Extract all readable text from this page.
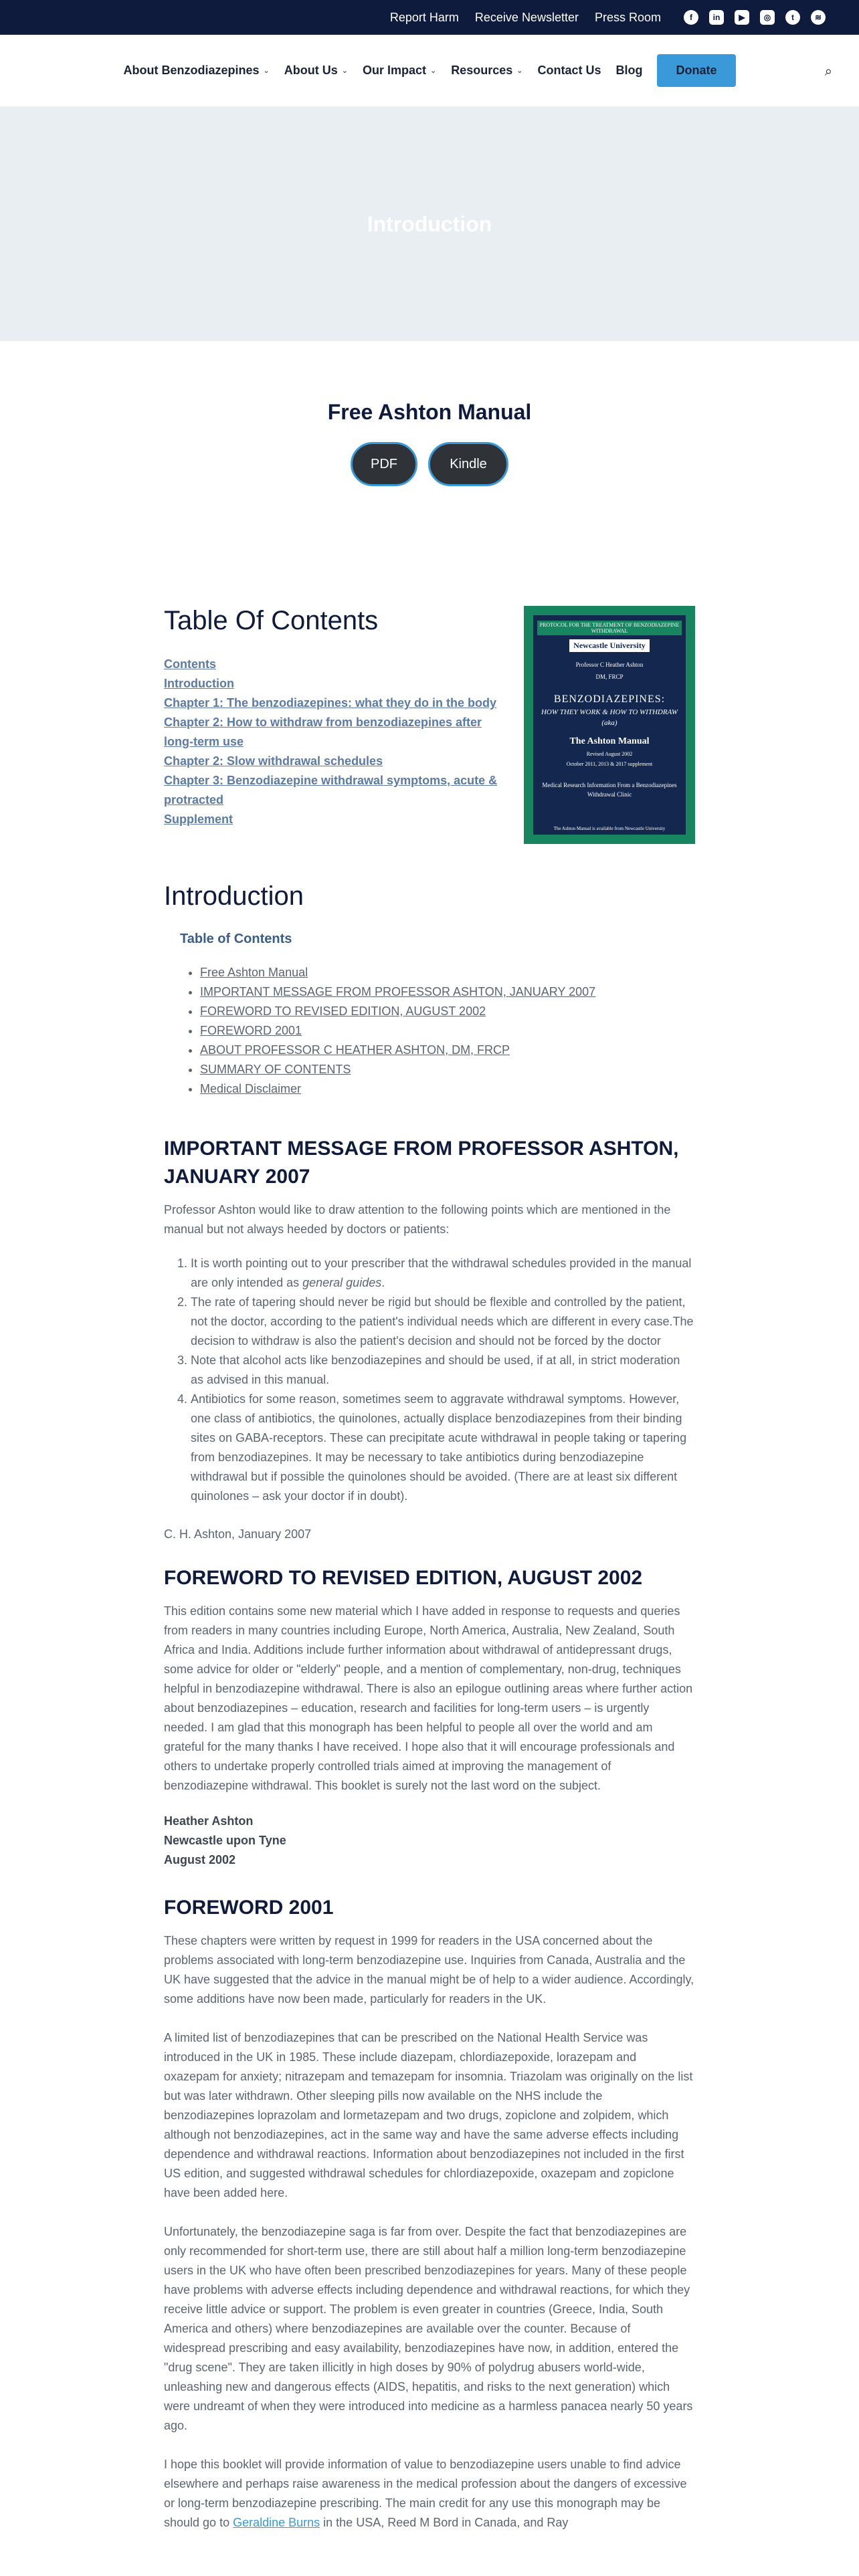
Report Harm Receive Newsletter Press Room	f	in	▶	◎	t	≋
About Benzodiazepines ⌄ About Us ⌄ Our Impact ⌄ Resources ⌄ Contact Us Blog	Donate	⌕
Introduction
Free Ashton Manual
PDF	Kindle
Table Of Contents
Contents
Introduction
Chapter 1: The benzodiazepines: what they do in the body
Chapter 2: How to withdraw from benzodiazepines after long-term use
Chapter 2: Slow withdrawal schedules
Chapter 3: Benzodiazepine withdrawal symptoms, acute & protracted
Supplement
PROTOCOL FOR THE TREATMENT OF BENZODIAZEPINE WITHDRAWAL
Newcastle University
Professor C Heather Ashton
DM, FRCP
BENZODIAZEPINES:
HOW THEY WORK & HOW TO WITHDRAW
(aka)
The Ashton Manual
Revised August 2002
October 2011, 2013 & 2017 supplement
Medical Research Information From a Benzodiazepines Withdrawal Clinic
The Ashton Manual is available from Newcastle University
Introduction
Table of Contents
• Free Ashton Manual
• IMPORTANT MESSAGE FROM PROFESSOR ASHTON, JANUARY 2007
• FOREWORD TO REVISED EDITION, AUGUST 2002
• FOREWORD 2001
• ABOUT PROFESSOR C HEATHER ASHTON, DM, FRCP
• SUMMARY OF CONTENTS
• Medical Disclaimer
IMPORTANT MESSAGE FROM PROFESSOR ASHTON, JANUARY 2007

Professor Ashton would like to draw attention to the following points which are mentioned in the manual but not always heeded by doctors or patients:

1. It is worth pointing out to your prescriber that the withdrawal schedules provided in the manual are only intended as general guides.
2. The rate of tapering should never be rigid but should be flexible and controlled by the patient, not the doctor, according to the patient's individual needs which are different in every case.The decision to withdraw is also the patient's decision and should not be forced by the doctor
3. Note that alcohol acts like benzodiazepines and should be used, if at all, in strict moderation as advised in this manual.
4. Antibiotics for some reason, sometimes seem to aggravate withdrawal symptoms. However, one class of antibiotics, the quinolones, actually displace benzodiazepines from their binding sites on GABA-receptors. These can precipitate acute withdrawal in people taking or tapering from benzodiazepines. It may be necessary to take antibiotics during benzodiazepine withdrawal but if possible the quinolones should be avoided. (There are at least six different quinolones – ask your doctor if in doubt).

C. H. Ashton, January 2007

FOREWORD TO REVISED EDITION, AUGUST 2002

This edition contains some new material which I have added in response to requests and queries from readers in many countries including Europe, North America, Australia, New Zealand, South Africa and India. Additions include further information about withdrawal of antidepressant drugs, some advice for older or "elderly" people, and a mention of complementary, non-drug, techniques helpful in benzodiazepine withdrawal. There is also an epilogue outlining areas where further action about benzodiazepines – education, research and facilities for long-term users – is urgently needed. I am glad that this monograph has been helpful to people all over the world and am grateful for the many thanks I have received. I hope also that it will encourage professionals and others to undertake properly controlled trials aimed at improving the management of benzodiazepine withdrawal. This booklet is surely not the last word on the subject.

Heather Ashton
Newcastle upon Tyne
August 2002
FOREWORD 2001

These chapters were written by request in 1999 for readers in the USA concerned about the problems associated with long-term benzodiazepine use. Inquiries from Canada, Australia and the UK have suggested that the advice in the manual might be of help to a wider audience. Accordingly, some additions have now been made, particularly for readers in the UK.

A limited list of benzodiazepines that can be prescribed on the National Health Service was introduced in the UK in 1985. These include diazepam, chlordiazepoxide, lorazepam and oxazepam for anxiety; nitrazepam and temazepam for insomnia. Triazolam was originally on the list but was later withdrawn. Other sleeping pills now available on the NHS include the benzodiazepines loprazolam and lormetazepam and two drugs, zopiclone and zolpidem, which although not benzodiazepines, act in the same way and have the same adverse effects including dependence and withdrawal reactions. Information about benzodiazepines not included in the first US edition, and suggested withdrawal schedules for chlordiazepoxide, oxazepam and zopiclone have been added here.

Unfortunately, the benzodiazepine saga is far from over. Despite the fact that benzodiazepines are only recommended for short-term use, there are still about half a million long-term benzodiazepine users in the UK who have often been prescribed benzodiazepines for years. Many of these people have problems with adverse effects including dependence and withdrawal reactions, for which they receive little advice or support. The problem is even greater in countries (Greece, India, South America and others) where benzodiazepines are available over the counter. Because of widespread prescribing and easy availability, benzodiazepines have now, in addition, entered the "drug scene". They are taken illicitly in high doses by 90% of polydrug abusers world-wide, unleashing new and dangerous effects (AIDS, hepatitis, and risks to the next generation) which were undreamt of when they were introduced into medicine as a harmless panacea nearly 50 years ago.

I hope this booklet will provide information of value to benzodiazepine users unable to find advice elsewhere and perhaps raise awareness in the medical profession about the dangers of excessive or long-term benzodiazepine prescribing. The main credit for any use this monograph may be should go to Geraldine Burns in the USA, Reed M Bord in Canada, and Ray
